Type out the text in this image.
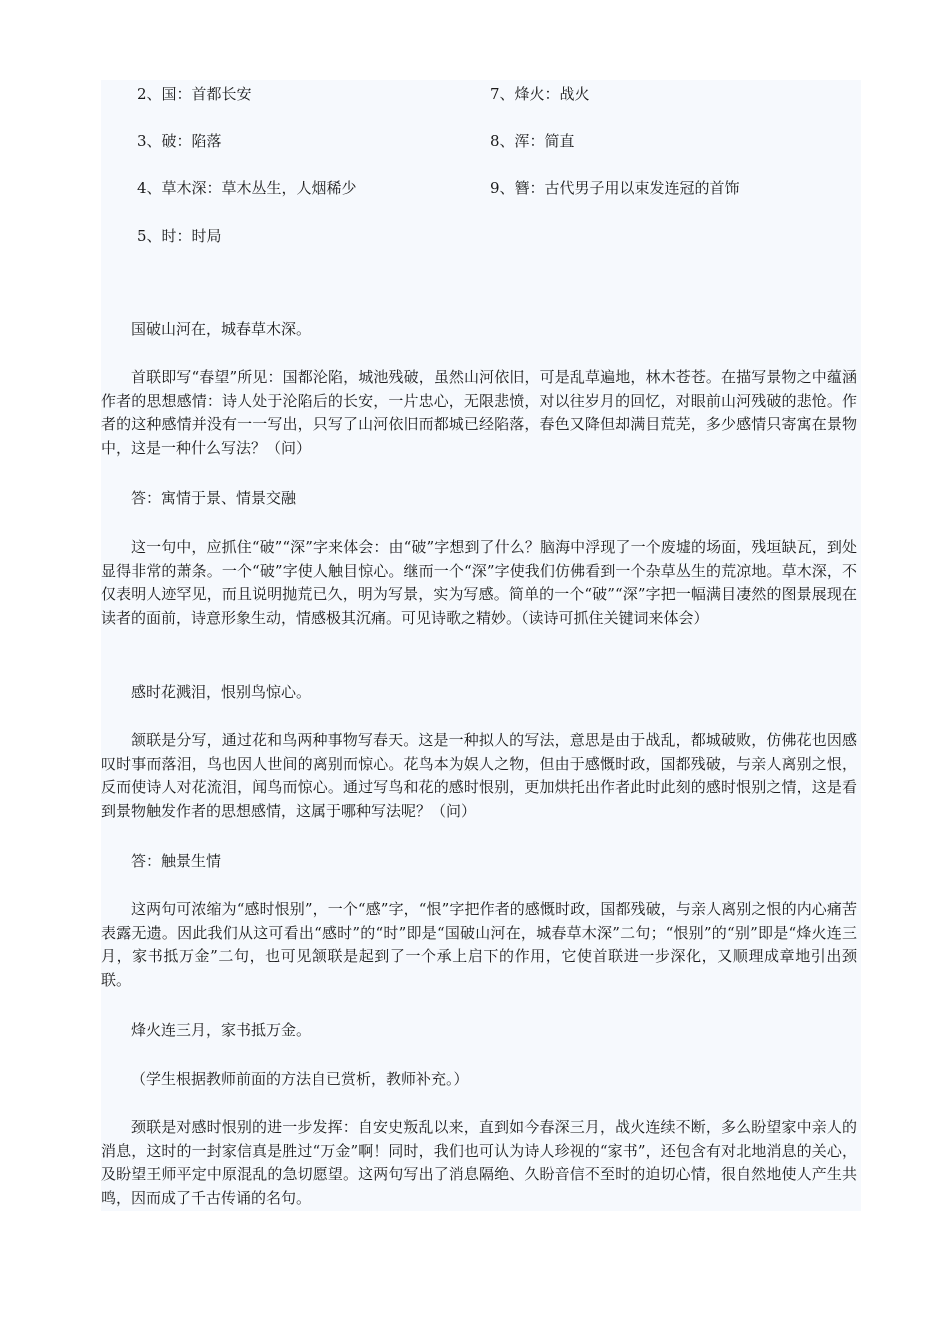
2、国：首都长安
3、破：陷落
4、草木深：草木丛生，人烟稀少
5、时：时局
7、烽火：战火
8、浑：简直
9、簪：古代男子用以束发连冠的首饰

国破山河在，城春草木深。

首联即写“春望”所见：国都沦陷，城池残破，虽然山河依旧，可是乱草遍地，林木苍苍。在描写景物之中蕴涵作者的思想感情：诗人处于沦陷后的长安，一片忠心，无限悲愤，对以往岁月的回忆，对眼前山河残破的悲怆。作者的这种感情并没有一一写出，只写了山河依旧而都城已经陷落，春色又降但却满目荒芜，多少感情只寄寓在景物中，这是一种什么写法？（问）

答：寓情于景、情景交融

这一句中，应抓住“破”“深”字来体会：由“破”字想到了什么？脑海中浮现了一个废墟的场面，残垣缺瓦，到处显得非常的萧条。一个“破”字使人触目惊心。继而一个“深”字使我们仿佛看到一个杂草丛生的荒凉地。草木深，不仅表明人迹罕见，而且说明抛荒已久，明为写景，实为写感。简单的一个“破”“深”字把一幅满目凄然的图景展现在读者的面前，诗意形象生动，情感极其沉痛。可见诗歌之精妙。（读诗可抓住关键词来体会）

感时花溅泪，恨别鸟惊心。

颔联是分写，通过花和鸟两种事物写春天。这是一种拟人的写法，意思是由于战乱，都城破败，仿佛花也因感叹时事而落泪，鸟也因人世间的离别而惊心。花鸟本为娱人之物，但由于感慨时政，国都残破，与亲人离别之恨，反而使诗人对花流泪，闻鸟而惊心。通过写鸟和花的感时恨别，更加烘托出作者此时此刻的感时恨别之情，这是看到景物触发作者的思想感情，这属于哪种写法呢？（问）

答：触景生情

这两句可浓缩为“感时恨别”，一个“感”字，“恨”字把作者的感慨时政，国都残破，与亲人离别之恨的内心痛苦表露无遗。因此我们从这可看出“感时”的“时”即是“国破山河在，城春草木深”二句；“恨别”的“别”即是“烽火连三月，家书抵万金”二句，也可见颔联是起到了一个承上启下的作用，它使首联进一步深化，又顺理成章地引出颈联。

烽火连三月，家书抵万金。

（学生根据教师前面的方法自已赏析，教师补充。）

颈联是对感时恨别的进一步发挥：自安史叛乱以来，直到如今春深三月，战火连续不断，多么盼望家中亲人的消息，这时的一封家信真是胜过“万金”啊！同时，我们也可认为诗人珍视的“家书”，还包含有对北地消息的关心，及盼望王师平定中原混乱的急切愿望。这两句写出了消息隔绝、久盼音信不至时的迫切心情，很自然地使人产生共鸣，因而成了千古传诵的名句。
